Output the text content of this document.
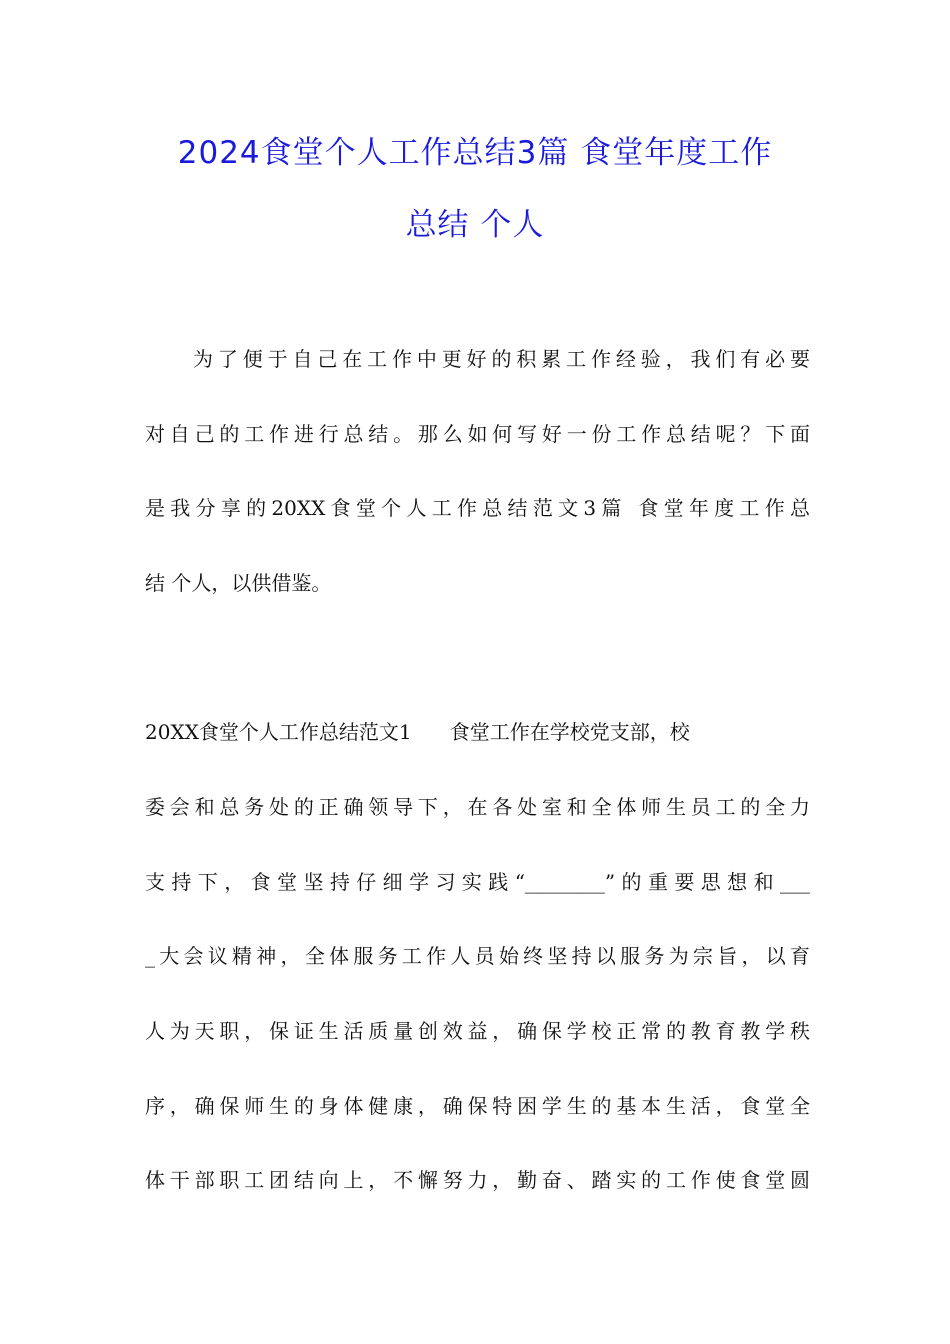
2024食堂个人工作总结3篇 食堂年度工作
总结 个人
为了便于自己在工作中更好的积累工作经验，我们有必要
对自己的工作进行总结。那么如何写好一份工作总结呢？下面
是我分享的20XX食堂个人工作总结范文3篇 食堂年度工作总
结 个人，以供借鉴。
20XX食堂个人工作总结范文1      食堂工作在学校党支部，校
委会和总务处的正确领导下，在各处室和全体师生员工的全力
支持下，食堂坚持仔细学习实践“________”的重要思想和___
_大会议精神，全体服务工作人员始终坚持以服务为宗旨，以育
人为天职，保证生活质量创效益，确保学校正常的教育教学秩
序，确保师生的身体健康，确保特困学生的基本生活，食堂全
体干部职工团结向上，不懈努力，勤奋、踏实的工作使食堂圆
